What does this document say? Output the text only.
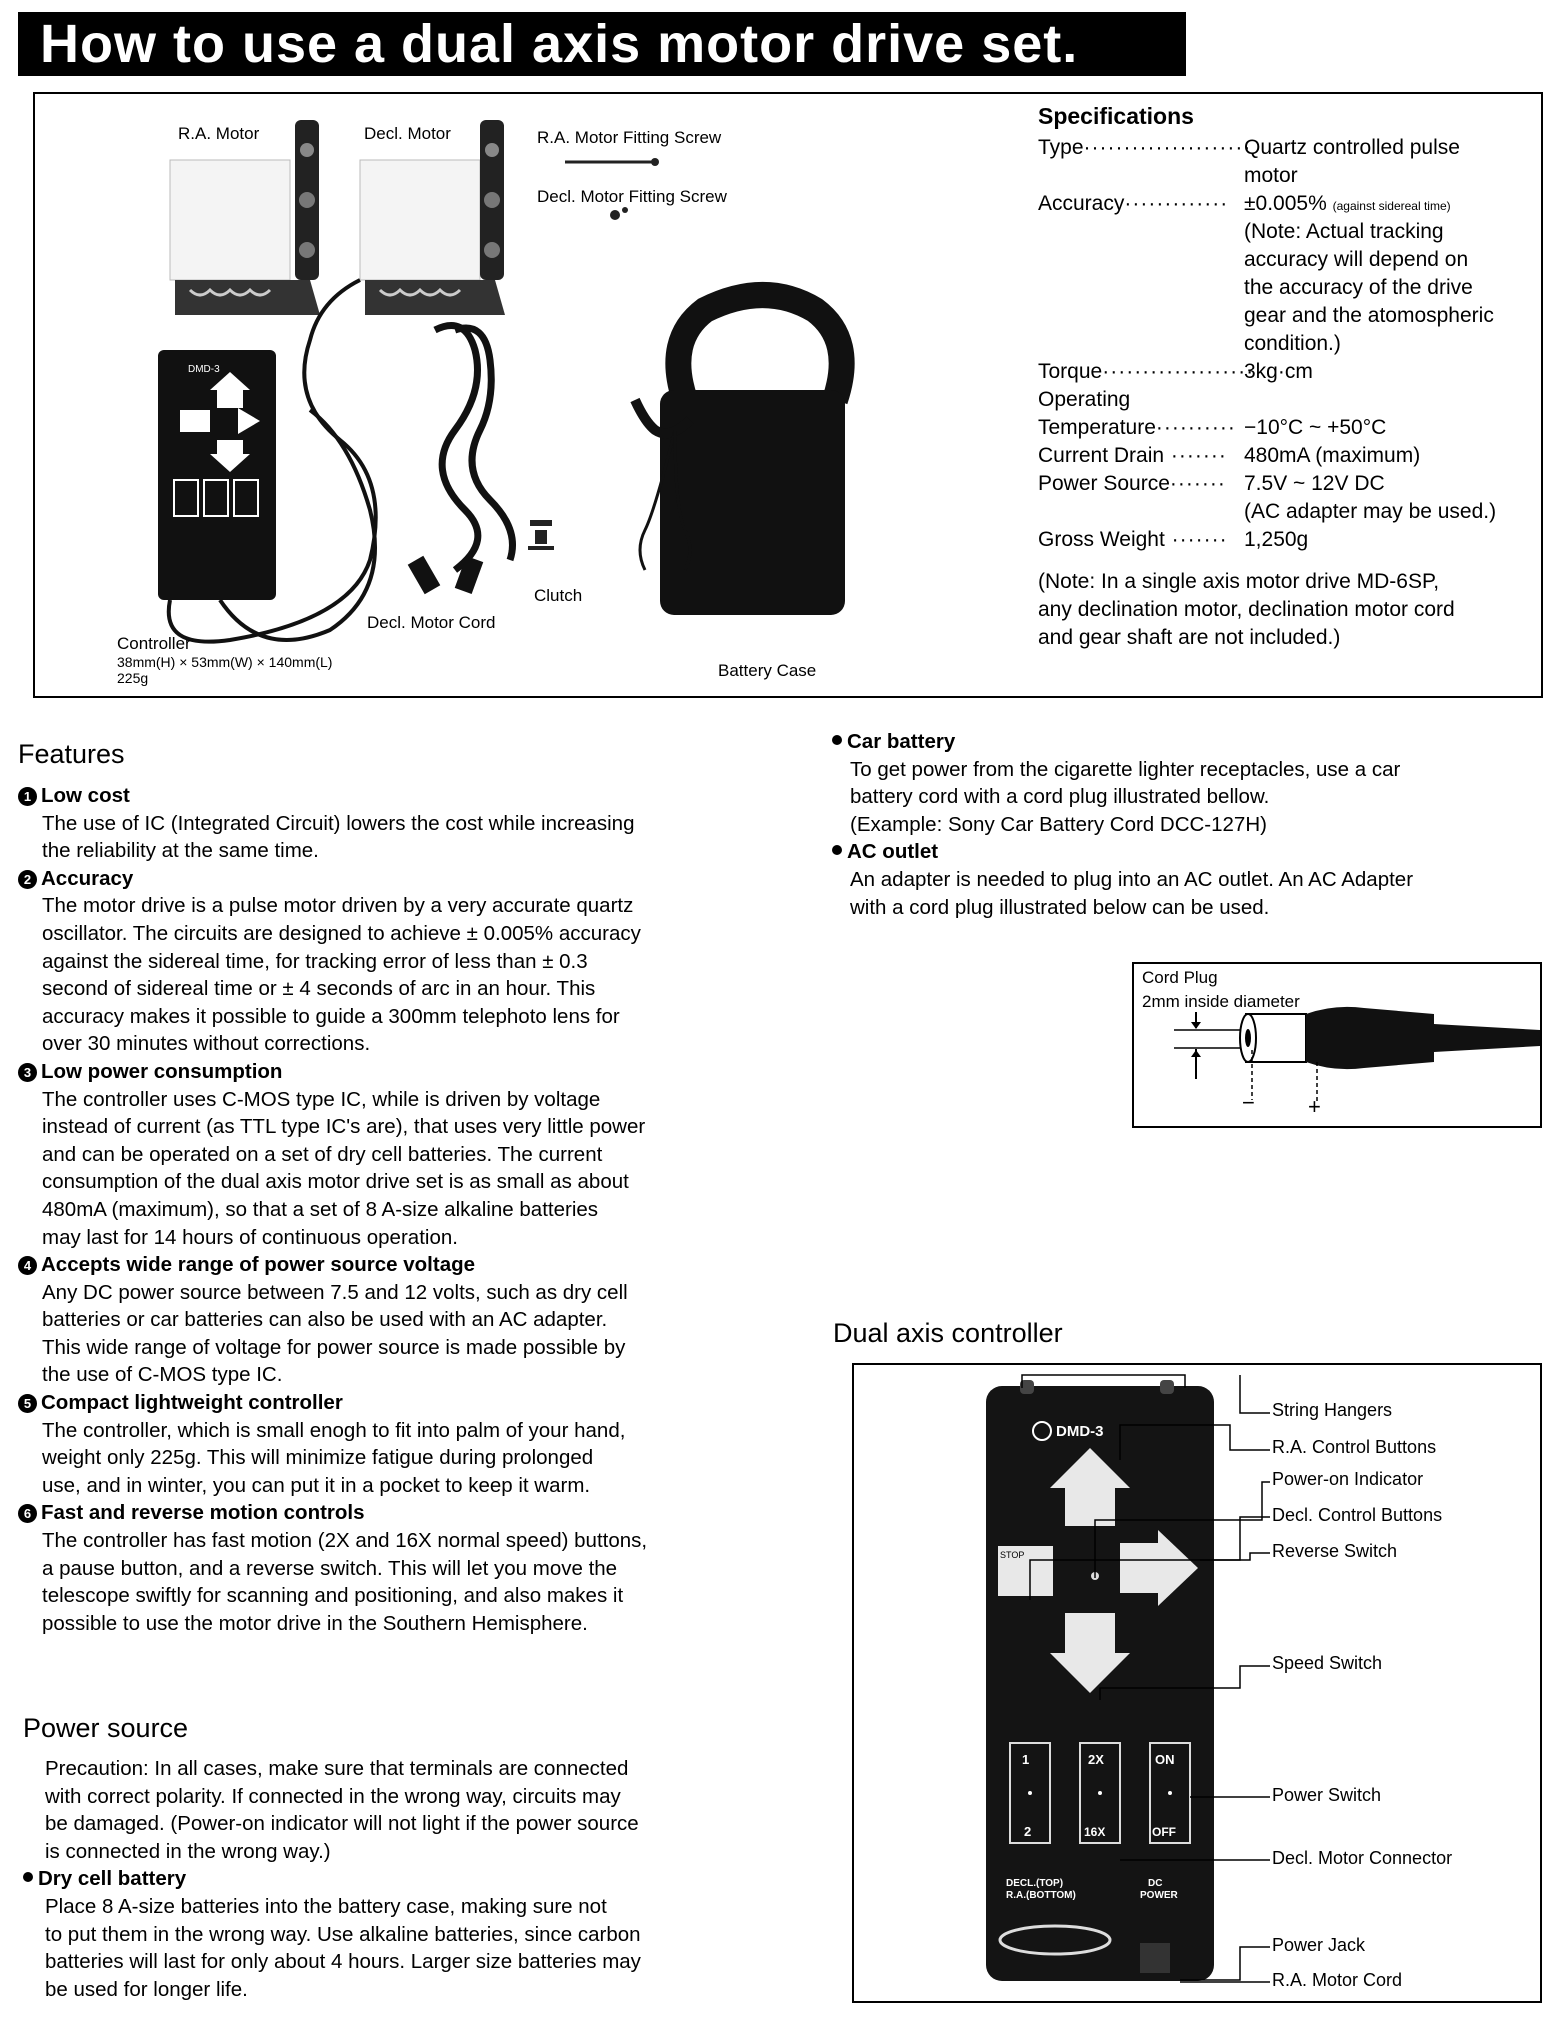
How to use a dual axis motor drive set.
DMD-3
R.A. Motor	Decl. Motor	R.A. Motor Fitting Screw
Decl. Motor Fitting Screw
Controller
38mm(H) × 53mm(W) × 140mm(L)
225g
Decl. Motor Cord
Clutch
Battery Case
Specifications
Type·····················
Quartz controlled pulse
motor
Accuracy············· ±0.005% (against sidereal time)
(Note: Actual tracking
accuracy will depend on
the accuracy of the drive
gear and the atomospheric
condition.)
Torque···················
3kg·cm
Operating
Temperature·········· −10°C ~ +50°C
Current Drain ······· 480mA (maximum)
Power Source······· 7.5V ~ 12V DC
(AC adapter may be used.)
Gross Weight ······· 1,250g
(Note: In a single axis motor drive MD-6SP,
any declination motor, declination motor cord
and gear shaft are not included.)
Features
1 Low cost
The use of IC (Integrated Circuit) lowers the cost while increasing
the reliability at the same time.
2 Accuracy
The motor drive is a pulse motor driven by a very accurate quartz
oscillator. The circuits are designed to achieve ± 0.005% accuracy
against the sidereal time, for tracking error of less than ± 0.3
second of sidereal time or ± 4 seconds of arc in an hour. This
accuracy makes it possible to guide a 300mm telephoto lens for
over 30 minutes without corrections.
3 Low power consumption
The controller uses C-MOS type IC, while is driven by voltage
instead of current (as TTL type IC's are), that uses very little power
and can be operated on a set of dry cell batteries. The current
consumption of the dual axis motor drive set is as small as about
480mA (maximum), so that a set of 8 A-size alkaline batteries
may last for 14 hours of continuous operation.
4 Accepts wide range of power source voltage
Any DC power source between 7.5 and 12 volts, such as dry cell
batteries or car batteries can also be used with an AC adapter.
This wide range of voltage for power source is made possible by
the use of C-MOS type IC.
5 Compact lightweight controller
The controller, which is small enogh to fit into palm of your hand,
weight only 225g. This will minimize fatigue during prolonged
use, and in winter, you can put it in a pocket to keep it warm.
6 Fast and reverse motion controls
The controller has fast motion (2X and 16X normal speed) buttons,
a pause button, and a reverse switch. This will let you move the
telescope swiftly for scanning and positioning, and also makes it
possible to use the motor drive in the Southern Hemisphere.
Power source
Precaution: In all cases, make sure that terminals are connected
with correct polarity. If connected in the wrong way, circuits may
be damaged. (Power-on indicator will not light if the power source
is connected in the wrong way.)
Dry cell battery
Place 8 A-size batteries into the battery case, making sure not
to put them in the wrong way. Use alkaline batteries, since carbon
batteries will last for only about 4 hours. Larger size batteries may
be used for longer life.
Car battery
To get power from the cigarette lighter receptacles, use a car
battery cord with a cord plug illustrated bellow.
(Example: Sony Car Battery Cord DCC-127H)
AC outlet
An adapter is needed to plug into an AC outlet. An AC Adapter
with a cord plug illustrated below can be used.
Cord Plug
2mm inside diameter
− +
Dual axis controller
DMD-3
STOP
1
2
2X
16X
ON
OFF
DECL.(TOP)
R.A.(BOTTOM)
DC
POWER
String Hangers
R.A. Control Buttons
Power-on Indicator
Decl. Control Buttons
Reverse Switch
Speed Switch
Power Switch
Decl. Motor Connector
Power Jack
R.A. Motor Cord
